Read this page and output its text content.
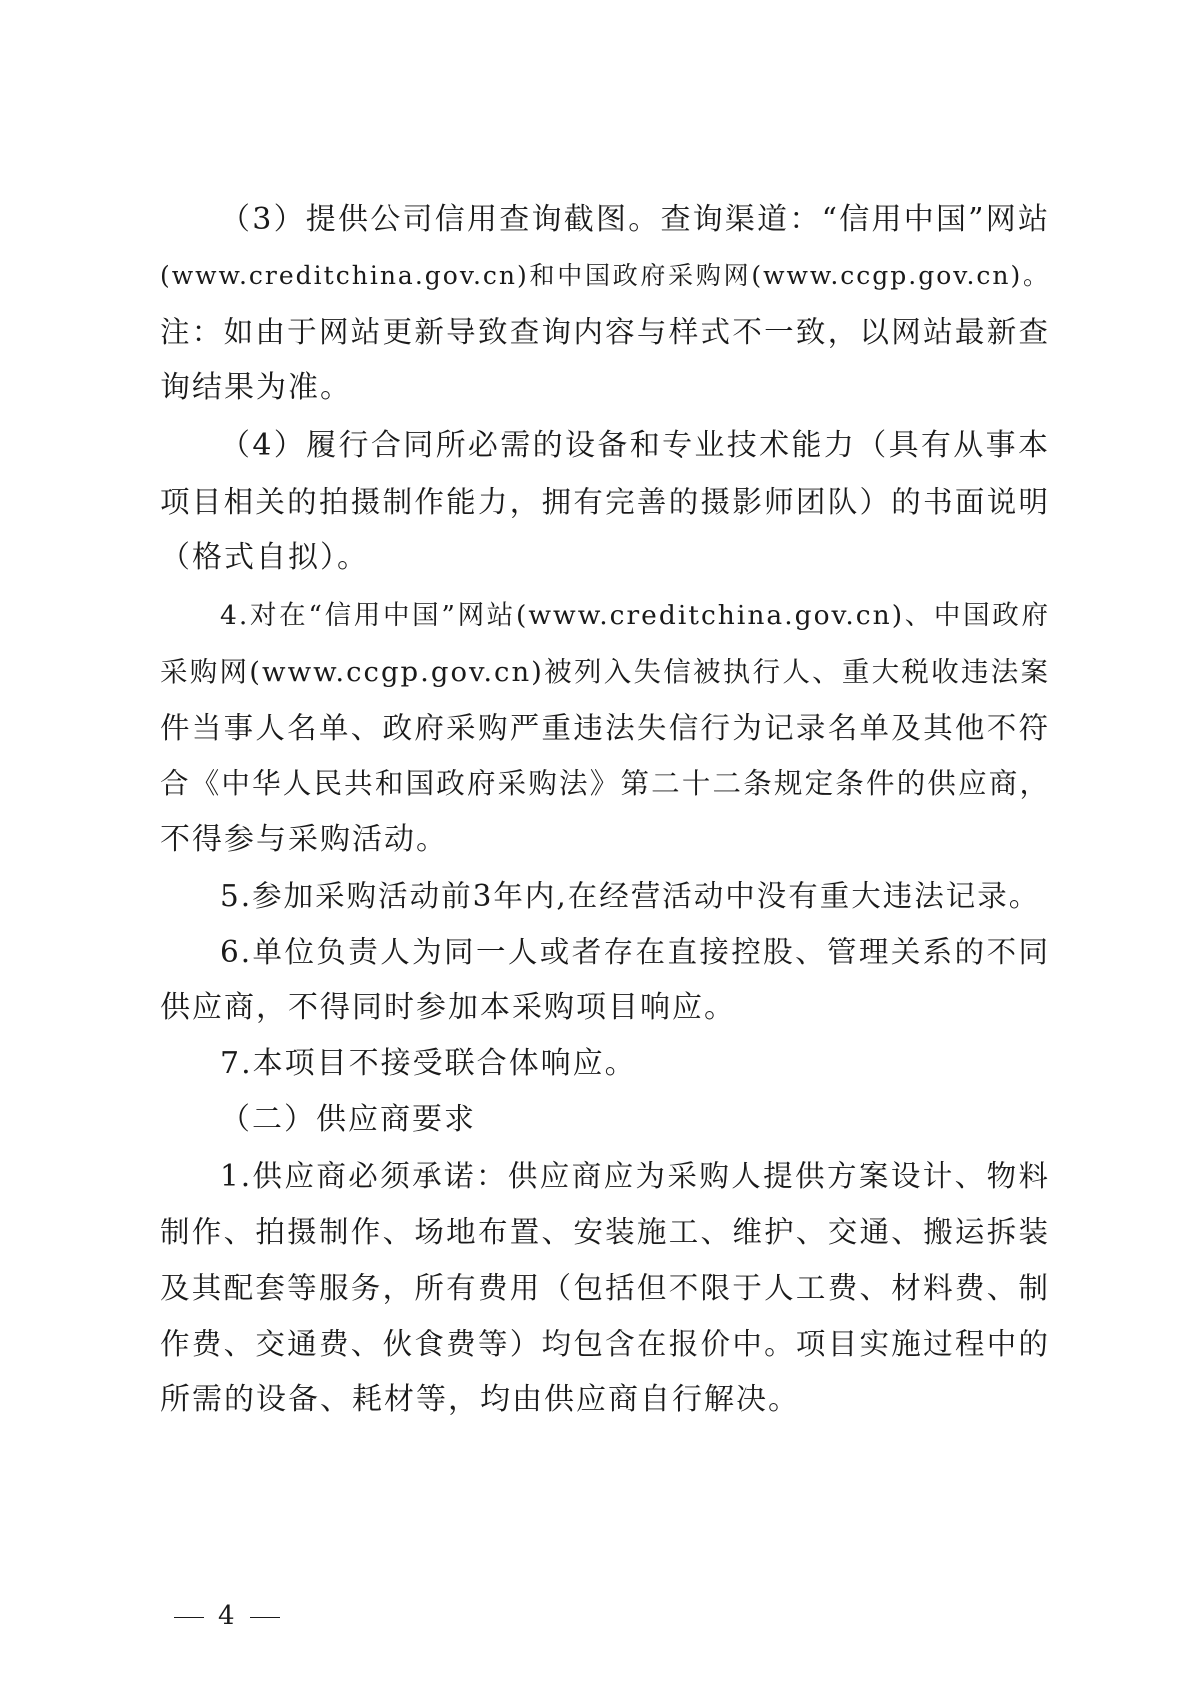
（3）提供公司信用查询截图。查询渠道：“信用中国”网站
(www.creditchina.gov.cn)和中国政府采购网(www.ccgp.gov.cn)。
注：如由于网站更新导致查询内容与样式不一致，以网站最新查
询结果为准。
（4）履行合同所必需的设备和专业技术能力（具有从事本
项目相关的拍摄制作能力，拥有完善的摄影师团队）的书面说明
（格式自拟）。
4.对在“信用中国”网站(www.creditchina.gov.cn)、中国政府
采购网(www.ccgp.gov.cn)被列入失信被执行人、重大税收违法案
件当事人名单、政府采购严重违法失信行为记录名单及其他不符
合《中华人民共和国政府采购法》第二十二条规定条件的供应商，
不得参与采购活动。
5.参加采购活动前3年内,在经营活动中没有重大违法记录。
6.单位负责人为同一人或者存在直接控股、管理关系的不同
供应商，不得同时参加本采购项目响应。
7.本项目不接受联合体响应。
（二）供应商要求
1.供应商必须承诺：供应商应为采购人提供方案设计、物料
制作、拍摄制作、场地布置、安装施工、维护、交通、搬运拆装
及其配套等服务，所有费用（包括但不限于人工费、材料费、制
作费、交通费、伙食费等）均包含在报价中。项目实施过程中的
所需的设备、耗材等，均由供应商自行解决。
4
